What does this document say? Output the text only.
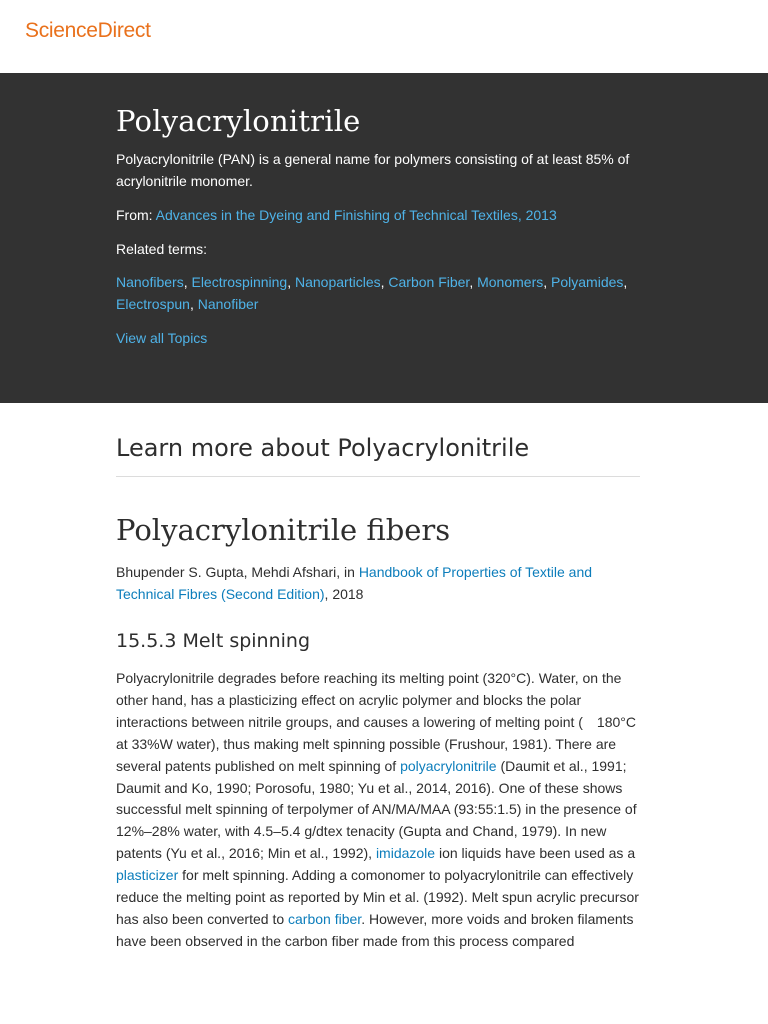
ScienceDirect
Polyacrylonitrile

Polyacrylonitrile (PAN) is a general name for polymers consisting of at least 85% of acrylonitrile monomer.

From: Advances in the Dyeing and Finishing of Technical Textiles, 2013

Related terms:

Nanofibers, Electrospinning, Nanoparticles, Carbon Fiber, Monomers, Polyamides, Electrospun, Nanofiber

View all Topics

Learn more about Polyacrylonitrile
Polyacrylonitrile fibers

Bhupender S. Gupta, Mehdi Afshari, in Handbook of Properties of Textile and Technical Fibres (Second Edition), 2018

15.5.3 Melt spinning

Polyacrylonitrile degrades before reaching its melting point (320°C). Water, on the other hand, has a plasticizing effect on acrylic polymer and blocks the polar interactions between nitrile groups, and causes a lowering of melting point ( 180°C at 33%W water), thus making melt spinning possible (Frushour, 1981). There are several patents published on melt spinning of polyacrylonitrile (Daumit et al., 1991; Daumit and Ko, 1990; Porosofu, 1980; Yu et al., 2014, 2016). One of these shows successful melt spinning of terpolymer of AN/MA/MAA (93:55:1.5) in the presence of 12%–28% water, with 4.5–5.4 g/dtex tenacity (Gupta and Chand, 1979). In new patents (Yu et al., 2016; Min et al., 1992), imidazole ion liquids have been used as a plasticizer for melt spinning. Adding a comonomer to polyacrylonitrile can effectively reduce the melting point as reported by Min et al. (1992). Melt spun acrylic precursor has also been converted to carbon fiber. However, more voids and broken filaments have been observed in the carbon fiber made from this process compared
